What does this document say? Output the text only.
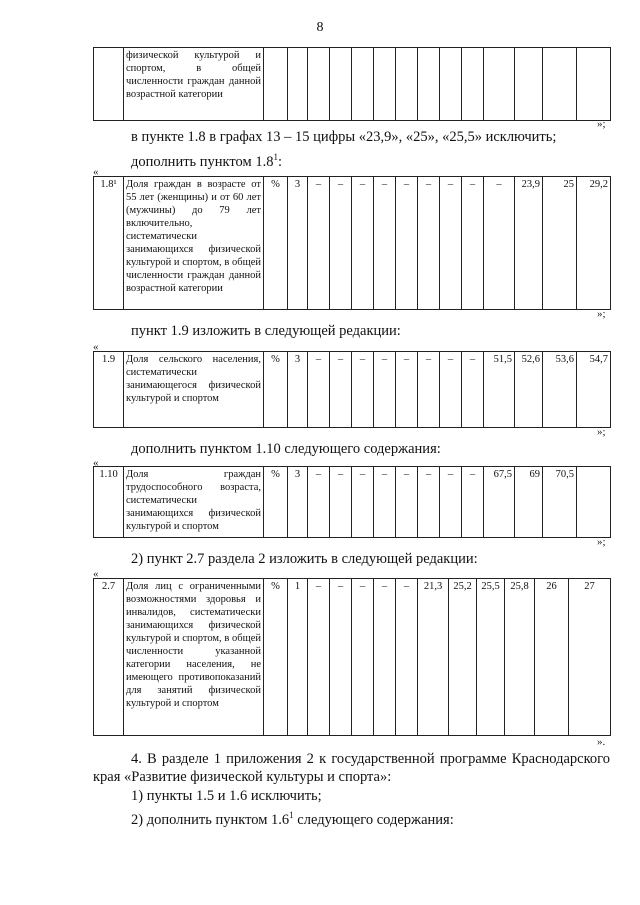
8
	физической культурой и спортом, в общей численности граждан данной возрастной категории														
»;
в пункте 1.8 в графах 13 – 15 цифры «23,9», «25», «25,5» исключить;
дополнить пунктом $1.8^1$:
«
1.8¹	Доля граждан в возрасте от 55 лет (женщины) и от 60 лет (мужчины) до 79 лет включительно, систематически занимающихся физической культурой и спортом, в общей численности граждан данной возрастной категории	%	3	–	–	–	–	–	–	–	–	–	23,9	25	29,2
»;
пункт 1.9 изложить в следующей редакции:
«
1.9	Доля сельского населения, систематически занимающегося физической культурой и спортом	%	3	–	–	–	–	–	–	–	–	51,5	52,6	53,6	54,7
»;
дополнить пунктом 1.10 следующего содержания:
«
1.10	Доля граждан трудоспособного возраста, систематически занимающихся физической культурой и спортом	%	3	–	–	–	–	–	–	–	–	67,5	69	70,5	
»;
2) пункт 2.7 раздела 2 изложить в следующей редакции:
«
2.7	Доля лиц с ограниченными возможностями здоровья и инвалидов, систематически занимающихся физической культурой и спортом, в общей численности указанной категории населения, не имеющего противопоказаний для занятий физической культурой и спортом	%	1	–	–	–	–	–	21,3	25,2	25,5	25,8	26	27
».
4. В разделе 1 приложения 2 к государственной программе Краснодарского края «Развитие физической культуры и спорта»:
1) пункты 1.5 и 1.6 исключить;
2) дополнить пунктом $1.6^1$ следующего содержания:
